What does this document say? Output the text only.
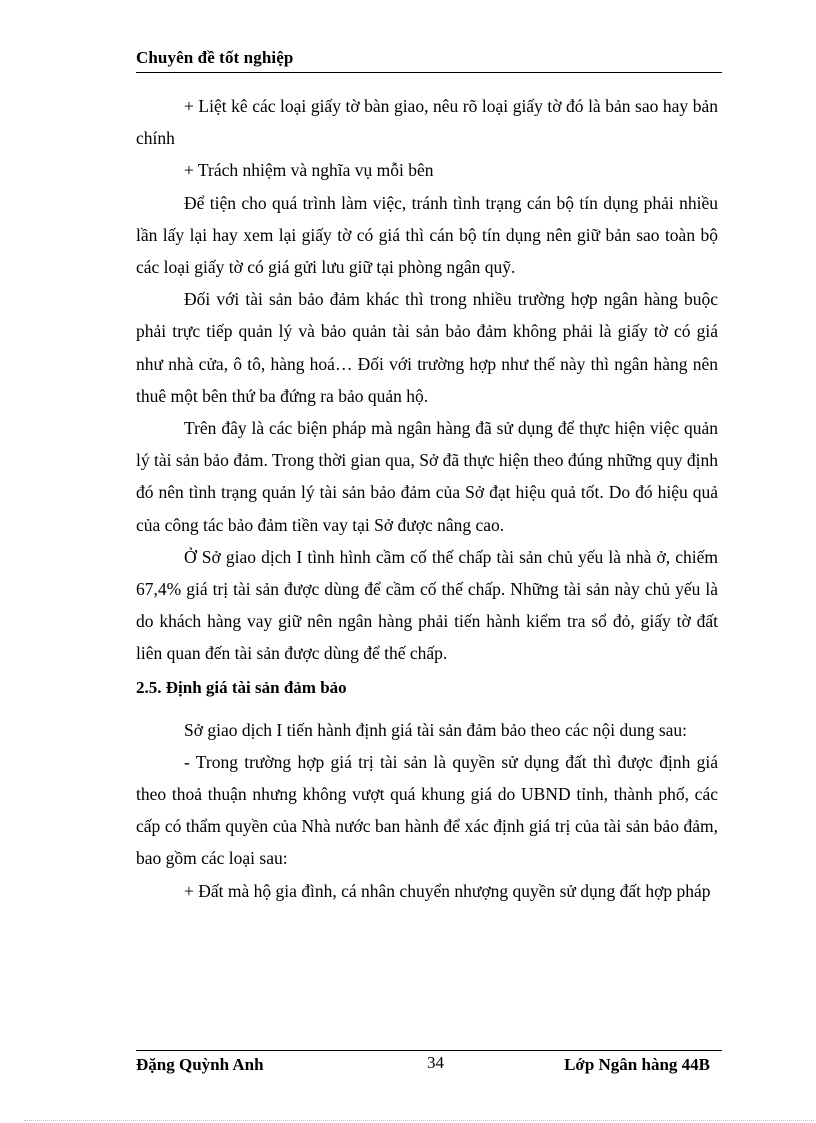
Chuyên đề tốt nghiệp

+ Liệt kê các loại giấy tờ bàn giao, nêu rõ loại giấy tờ đó là bản sao hay bản chính

+ Trách nhiệm và nghĩa vụ mỗi bên

Để tiện cho quá trình làm việc, tránh tình trạng cán bộ tín dụng phải nhiều lần lấy lại hay xem lại giấy tờ có giá thì cán bộ tín dụng nên giữ bản sao toàn bộ các loại giấy tờ có giá gửi lưu giữ tại phòng ngân quỹ.

Đối với tài sản bảo đảm khác thì trong nhiều trường hợp ngân hàng buộc phải trực tiếp quản lý và bảo quản tài sản bảo đảm không phải là giấy tờ có giá như nhà cửa, ô tô, hàng hoá… Đối với trường hợp như thế này thì ngân hàng nên thuê một bên thứ ba đứng ra bảo quản hộ.

Trên đây là các biện pháp mà ngân hàng đã sử dụng để thực hiện việc quản lý tài sản bảo đảm. Trong thời gian qua, Sở đã thực hiện theo đúng những quy định đó nên tình trạng quản lý tài sản bảo đảm của Sở đạt hiệu quả tốt. Do đó hiệu quả của công tác bảo đảm tiền vay tại Sở được nâng cao.

Ở Sở giao dịch I tình hình cầm cố thế chấp tài sản chủ yếu là nhà ở, chiếm 67,4% giá trị tài sản được dùng để cầm cố thế chấp. Những tài sản này chủ yếu là do khách hàng vay giữ nên ngân hàng phải tiến hành kiểm tra sổ đỏ, giấy tờ đất liên quan đến tài sản được dùng để thế chấp.

2.5. Định giá tài sản đảm bảo

Sở giao dịch I tiến hành định giá tài sản đảm bảo theo các nội dung sau:

- Trong trường hợp giá trị tài sản là quyền sử dụng đất thì được định giá theo thoả thuận nhưng không vượt quá khung giá do UBND tỉnh, thành phố, các cấp có thẩm quyền của Nhà nước ban hành để xác định giá trị của tài sản bảo đảm, bao gồm các loại sau:

+ Đất mà hộ gia đình, cá nhân chuyển nhượng quyền sử dụng đất hợp pháp

Đặng Quỳnh Anh	34	Lớp Ngân hàng 44B
